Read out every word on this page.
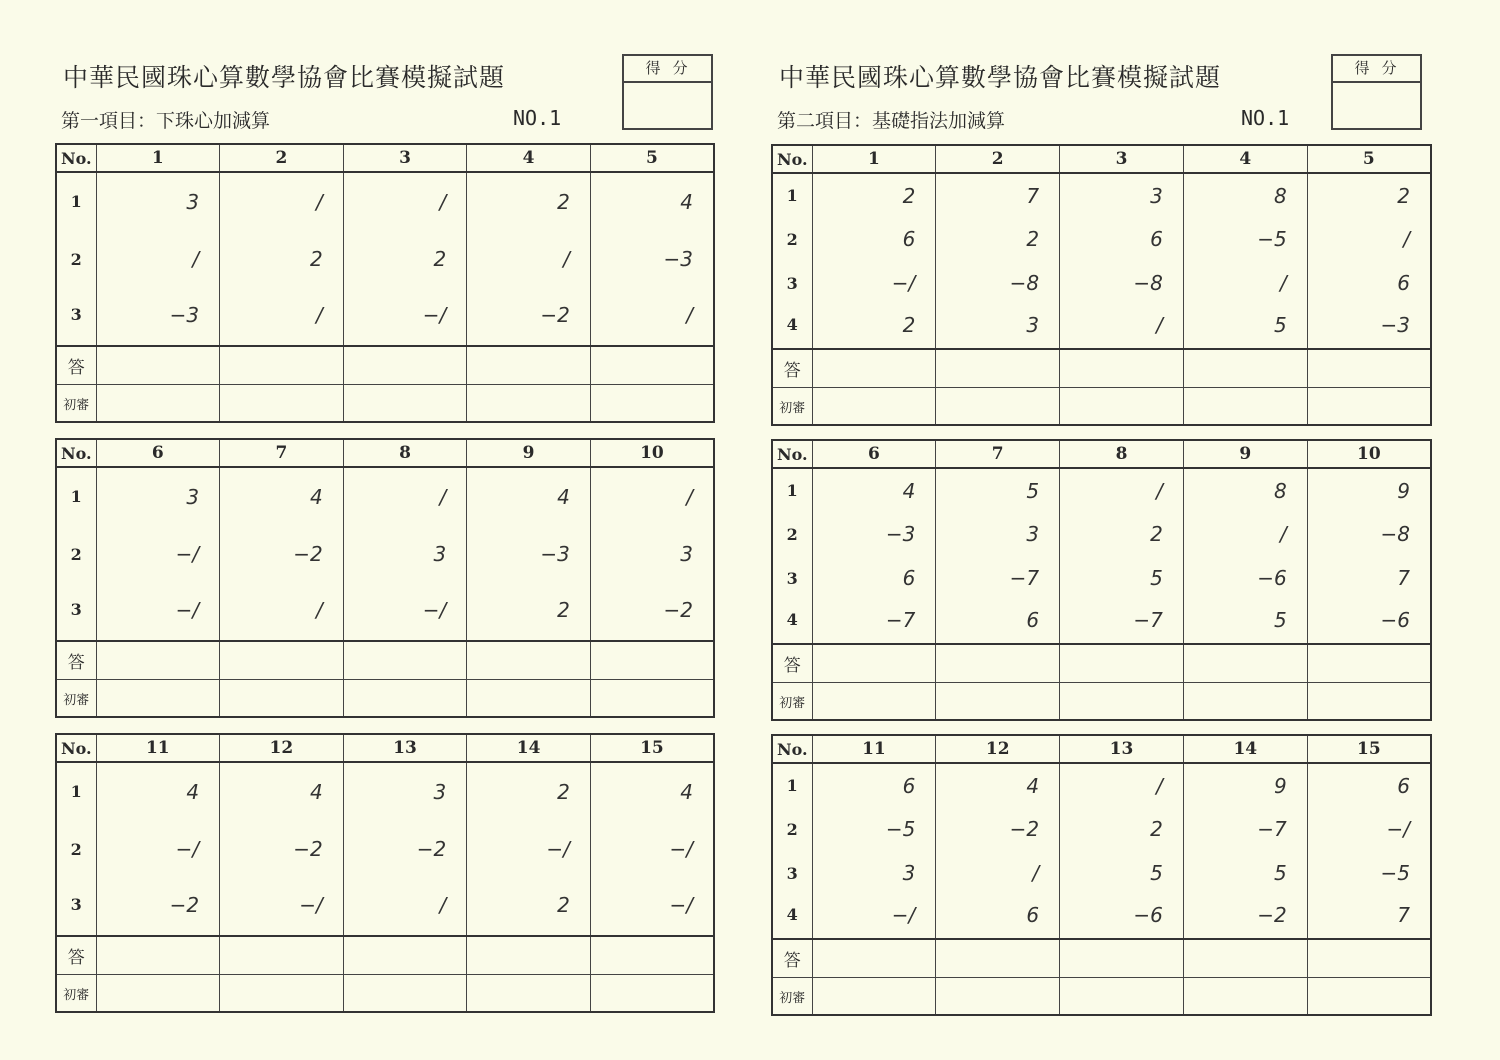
中華民國珠心算數學協會比賽模擬試題
第一項目：下珠心加減算	NO.1
得分
No.	1	2	3	4	5
1	3	/	/	2	4
2	/	2	2	/	−3
3	−3	/	−/	−2	/
答					
初審					
No.	6	7	8	9	10
1	3	4	/	4	/
2	−/	−2	3	−3	3
3	−/	/	−/	2	−2
答					
初審					
No.	11	12	13	14	15
1	4	4	3	2	4
2	−/	−2	−2	−/	−/
3	−2	−/	/	2	−/
答					
初審					
中華民國珠心算數學協會比賽模擬試題
第二項目：基礎指法加減算	NO.1
得分
No.	1	2	3	4	5
1	2	7	3	8	2
2	6	2	6	−5	/
3	−/	−8	−8	/	6
4	2	3	/	5	−3
答					
初審					
No.	6	7	8	9	10
1	4	5	/	8	9
2	−3	3	2	/	−8
3	6	−7	5	−6	7
4	−7	6	−7	5	−6
答					
初審					
No.	11	12	13	14	15
1	6	4	/	9	6
2	−5	−2	2	−7	−/
3	3	/	5	5	−5
4	−/	6	−6	−2	7
答					
初審					
